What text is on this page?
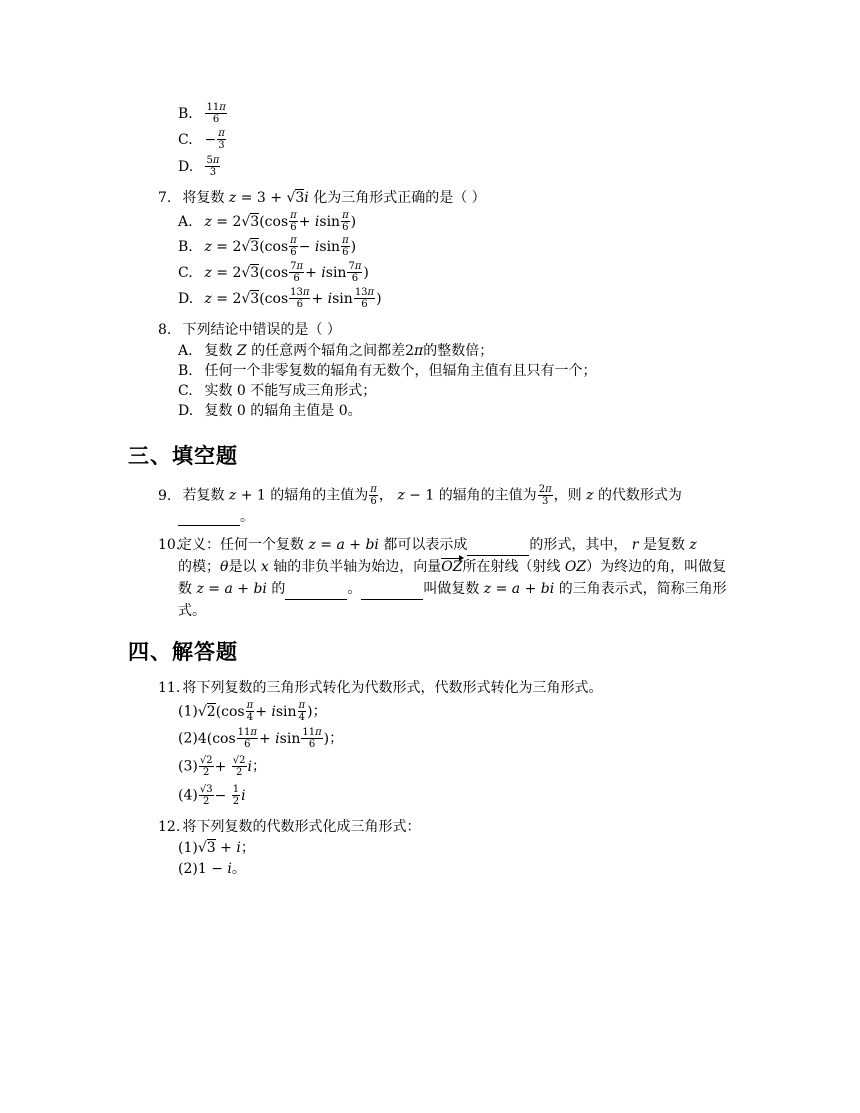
B. $\frac{11\pi}{6}$
C. − $\frac{\pi}{3}$
D. $\frac{5\pi}{3}$
7. 将复数 z = 3 + √3i 化为三角形式正确的是（ ）
A. $z = 2√3(\cos \frac{\pi}{6} + isin \frac{\pi}{6}$ )
B. $z = 2√3(\cos \frac{\pi}{6} - isin \frac{\pi}{6}$ )
C. $z = 2√3(\cos \frac{7\pi}{6} + isin \frac{7\pi}{6}$ )
D. $z = 2√3(\cos \frac{13\pi}{6} + isin \frac{13\pi}{6}$ )
8. 下列结论中错误的是（ ）
A. 复数 Z 的任意两个辐角之间都差2π的整数倍；
B. 任何一个非零复数的辐角有无数个，但辐角主值有且只有一个；
C. 实数 0 不能写成三角形式；
D. 复数 0 的辐角主值是 0。
三、填空题
9. 若复数 z + 1 的辐角的主值为 $\frac{\pi}{6}$ ， z − 1 的辐角的主值为 $\frac{2\pi}{3}$ ，则 z 的代数形式为
。
10.
定义：任何一个复数 z = a + bi 都可以表示成	的形式，其中， r 是复数 z
的模；θ是以 x 轴的非负半轴为始边，向量OZ所在射线（射线 OZ）为终边的角，叫做复数 z = a + bi 的	。	叫做复数 z = a + bi 的三角表示式，简称三角形式。
四、解答题
11. 将下列复数的三角形式转化为代数形式，代数形式转化为三角形式。
$(1)√2(\cos \frac{\pi}{4} + isin \frac{\pi}{4}$ )；
$(2)4(\cos \frac{11\pi}{6} + isin \frac{11\pi}{6}$ )；
$(3) \frac{√2}{2} + \frac{√2}{2}$ i；
$(4) \frac{√3}{2} - \frac{1}{2}$ i
12. 将下列复数的代数形式化成三角形式：
(1)√3 + i；
(2)1 − i。
